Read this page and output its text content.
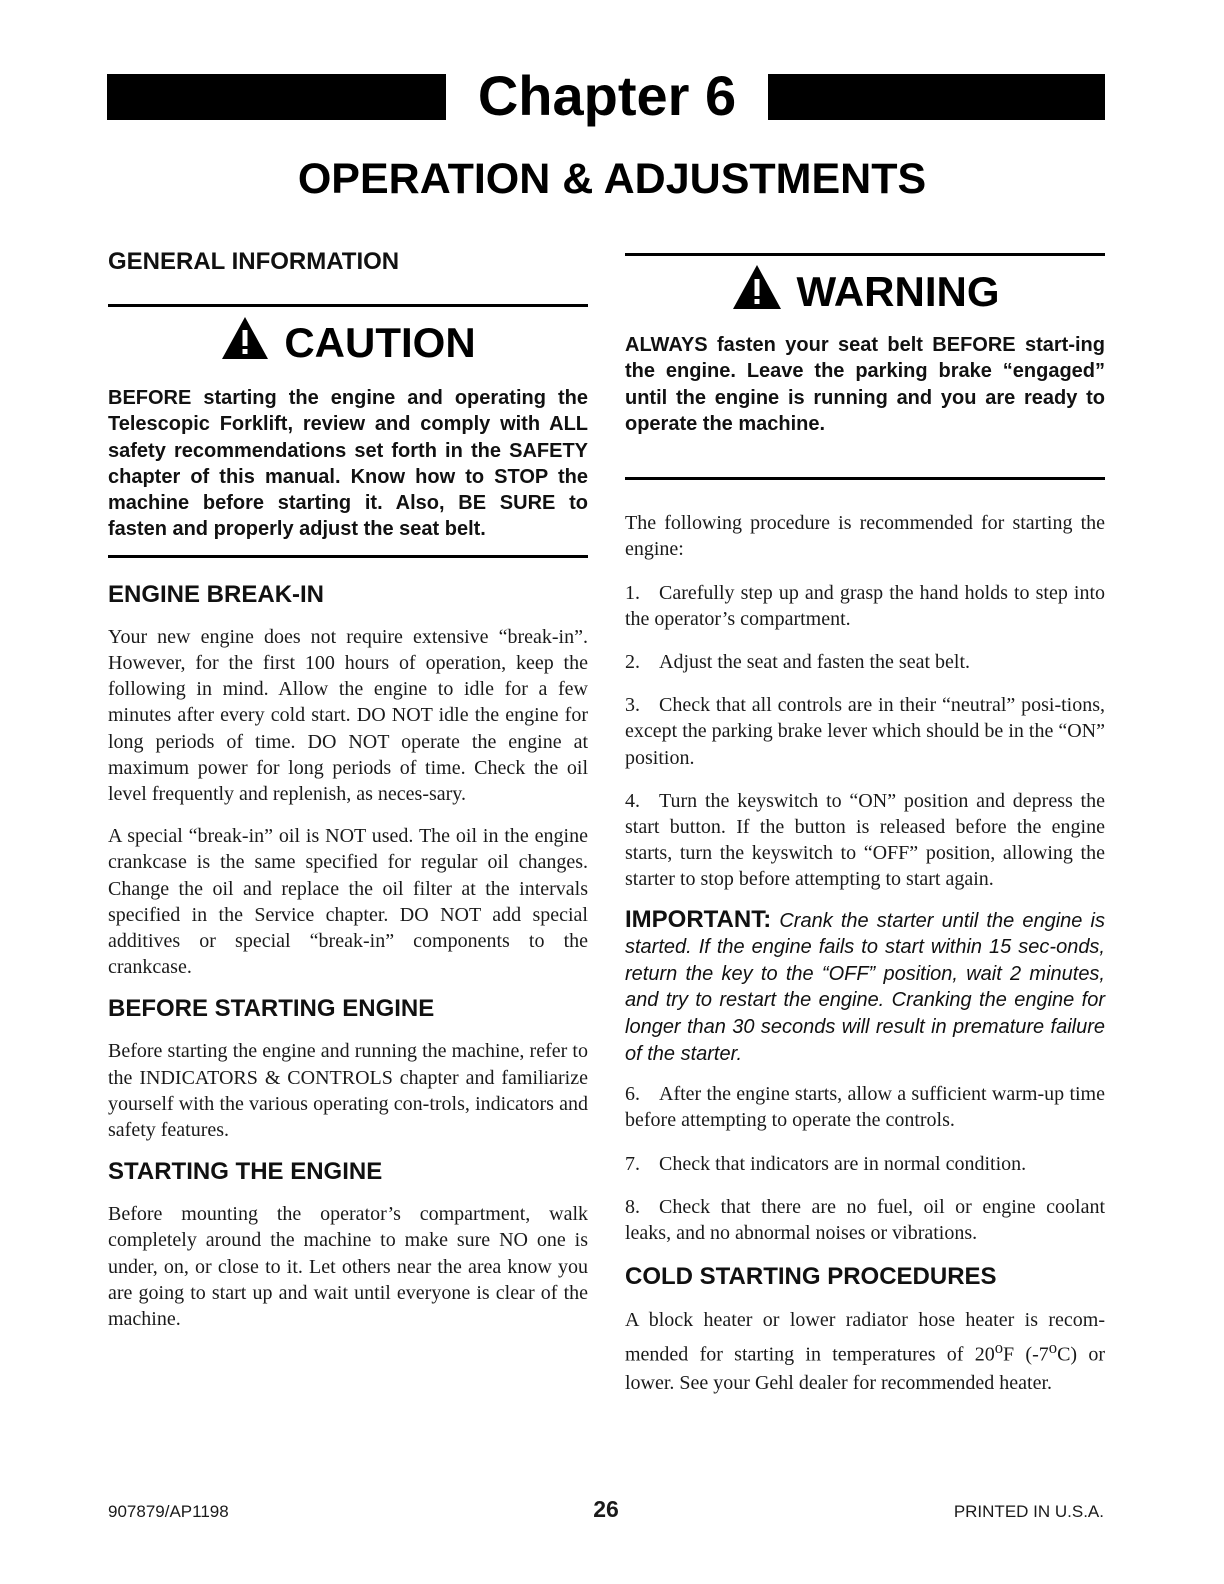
Chapter 6
OPERATION & ADJUSTMENTS
GENERAL INFORMATION
CAUTION

BEFORE starting the engine and operating the Telescopic Forklift, review and comply with ALL safety recommendations set forth in the SAFETY chapter of this manual. Know how to STOP the machine before starting it. Also, BE SURE to fasten and properly adjust the seat belt.

ENGINE BREAK-IN

Your new engine does not require extensive “break-in”. However, for the first 100 hours of operation, keep the following in mind. Allow the engine to idle for a few minutes after every cold start. DO NOT idle the engine for long periods of time. DO NOT operate the engine at maximum power for long periods of time. Check the oil level frequently and replenish, as neces-sary.

A special “break-in” oil is NOT used. The oil in the engine crankcase is the same specified for regular oil changes. Change the oil and replace the oil filter at the intervals specified in the Service chapter. DO NOT add special additives or special “break-in” components to the crankcase.

BEFORE STARTING ENGINE

Before starting the engine and running the machine, refer to the INDICATORS & CONTROLS chapter and familiarize yourself with the various operating con-trols, indicators and safety features.

STARTING THE ENGINE

Before mounting the operator’s compartment, walk completely around the machine to make sure NO one is under, on, or close to it. Let others near the area know you are going to start up and wait until everyone is clear of the machine.

WARNING

ALWAYS fasten your seat belt BEFORE start-ing the engine. Leave the parking brake “engaged” until the engine is running and you are ready to operate the machine.

The following procedure is recommended for starting the engine:

1. Carefully step up and grasp the hand holds to step into the operator’s compartment.

2. Adjust the seat and fasten the seat belt.

3. Check that all controls are in their “neutral” posi-tions, except the parking brake lever which should be in the “ON” position.

4. Turn the keyswitch to “ON” position and depress the start button. If the button is released before the engine starts, turn the keyswitch to “OFF” position, allowing the starter to stop before attempting to start again.

IMPORTANT: Crank the starter until the engine is started. If the engine fails to start within 15 sec-onds, return the key to the “OFF” position, wait 2 minutes, and try to restart the engine. Cranking the engine for longer than 30 seconds will result in premature failure of the starter.

6. After the engine starts, allow a sufficient warm-up time before attempting to operate the controls.

7. Check that indicators are in normal condition.

8. Check that there are no fuel, oil or engine coolant leaks, and no abnormal noises or vibrations.

COLD STARTING PROCEDURES

A block heater or lower radiator hose heater is recom-mended for starting in temperatures of 20$^o$F (-7$^o$C) or lower. See your Gehl dealer for recommended heater.

907879/AP1198	26	PRINTED IN U.S.A.
